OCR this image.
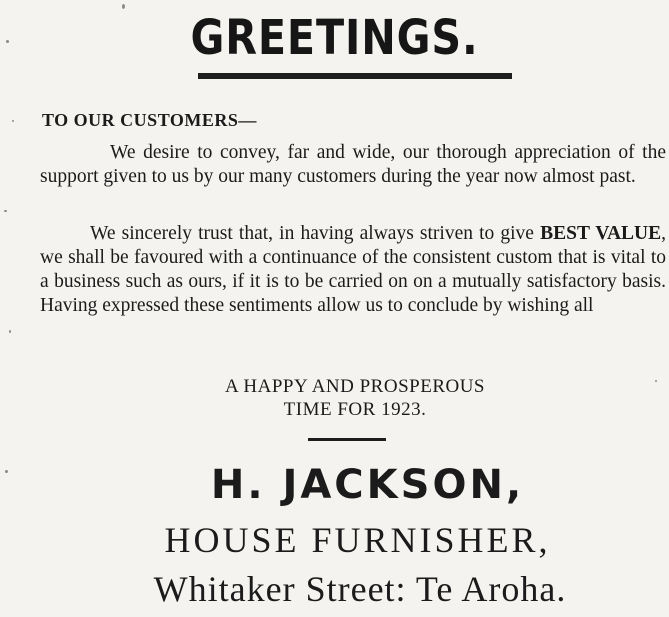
GREETINGS.
TO OUR CUSTOMERS—
We desire to convey, far and wide, our thorough appreciation of the support given to us by our many customers during the year now almost past.
We sincerely trust that, in having always striven to give BEST VALUE, we shall be favoured with a continuance of the consistent custom that is vital to a business such as ours, if it is to be carried on on a mutually satisfactory basis. Having expressed these sentiments allow us to conclude by wishing all
A HAPPY AND PROSPEROUS
TIME FOR 1923.
H. JACKSON,
HOUSE FURNISHER,
Whitaker Street: Te Aroha.
